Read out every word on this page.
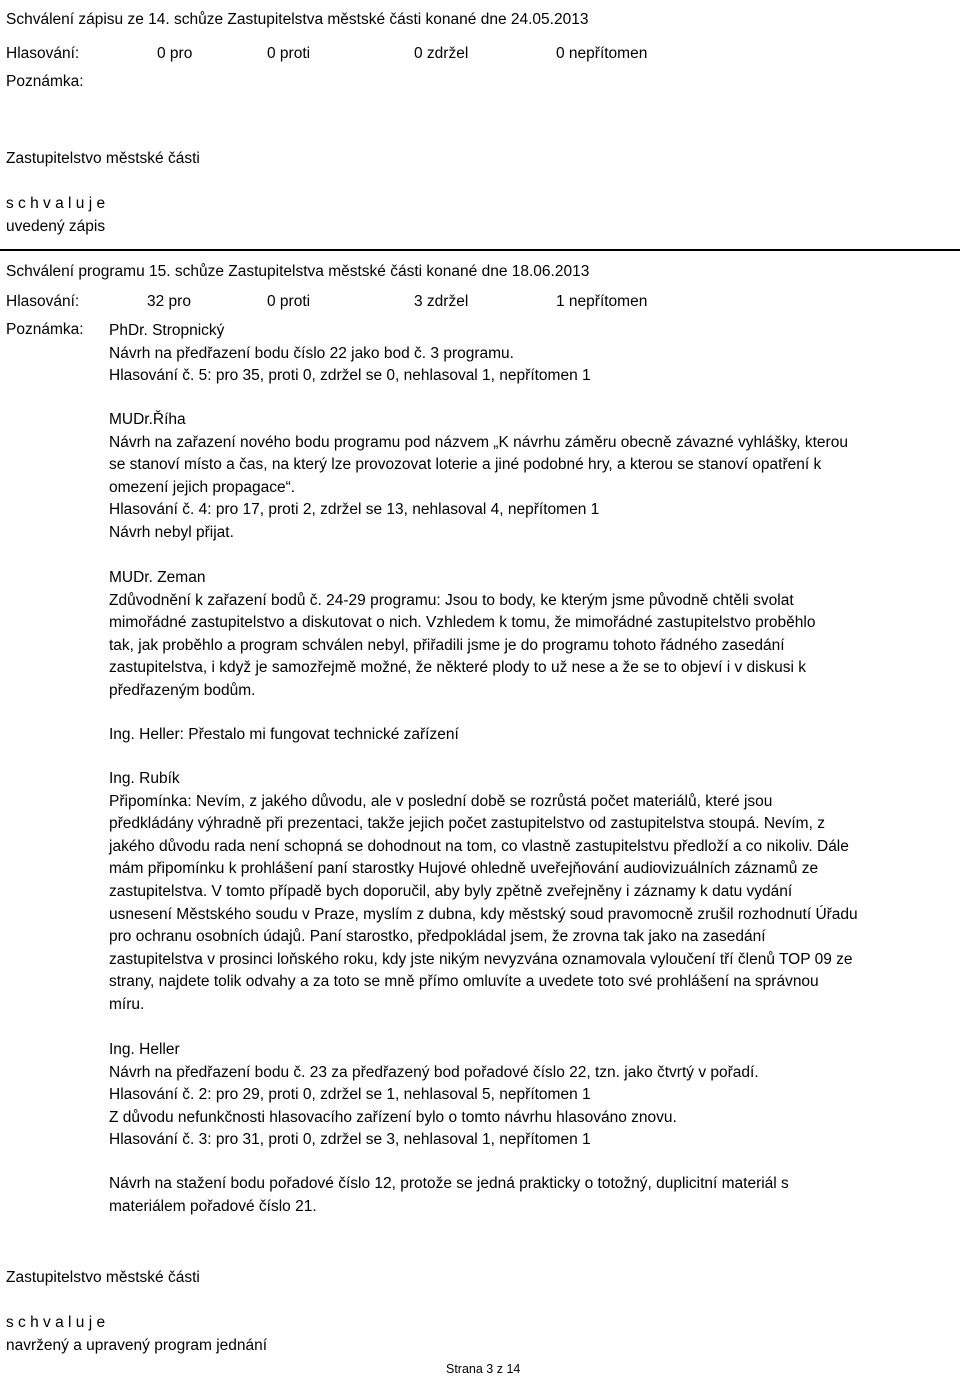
Schválení zápisu ze 14. schůze Zastupitelstva městské části konané dne 24.05.2013
Hlasování:	0 pro	0 proti	0 zdržel	0 nepřítomen
Poznámka:
Zastupitelstvo městské části
s c h v a l u j e
uvedený zápis
Schválení programu 15. schůze Zastupitelstva městské části konané dne 18.06.2013
Hlasování:	32 pro	0 proti	3 zdržel	1 nepřítomen
Poznámka: PhDr. Stropnický
Návrh na předřazení bodu číslo 22 jako bod č. 3 programu.
Hlasování č. 5: pro 35, proti 0, zdržel se 0, nehlasoval 1, nepřítomen 1
MUDr.Říha
Návrh na zařazení nového bodu programu pod názvem „K návrhu záměru obecně závazné vyhlášky, kterou
se stanoví místo a čas, na který lze provozovat loterie a jiné podobné hry, a kterou se stanoví opatření k
omezení jejich propagace“.
Hlasování č. 4: pro 17, proti 2, zdržel se 13, nehlasoval 4, nepřítomen 1
Návrh nebyl přijat.
MUDr. Zeman
Zdůvodnění k zařazení bodů č. 24-29 programu: Jsou to body, ke kterým jsme původně chtěli svolat
mimořádné zastupitelstvo a diskutovat o nich. Vzhledem k tomu, že mimořádné zastupitelstvo proběhlo
tak, jak proběhlo a program schválen nebyl, přiřadili jsme je do programu tohoto řádného zasedání
zastupitelstva, i když je samozřejmě možné, že některé plody to už nese a že se to objeví i v diskusi k
předřazeným bodům.
Ing. Heller: Přestalo mi fungovat technické zařízení
Ing. Rubík
Připomínka: Nevím, z jakého důvodu, ale v poslední době se rozrůstá počet materiálů, které jsou
předkládány výhradně při prezentaci, takže jejich počet zastupitelstvo od zastupitelstva stoupá. Nevím, z
jakého důvodu rada není schopná se dohodnout na tom, co vlastně zastupitelstvu předloží a co nikoliv. Dále
mám připomínku k prohlášení paní starostky Hujové ohledně uveřejňování audiovizuálních záznamů ze
zastupitelstva. V tomto případě bych doporučil, aby byly zpětně zveřejněny i záznamy k datu vydání
usnesení Městského soudu v Praze, myslím z dubna, kdy městský soud pravomocně zrušil rozhodnutí Úřadu
pro ochranu osobních údajů. Paní starostko, předpokládal jsem, že zrovna tak jako na zasedání
zastupitelstva v prosinci loňského roku, kdy jste nikým nevyzvána oznamovala vyloučení tří členů TOP 09 ze
strany, najdete tolik odvahy a za toto se mně přímo omluvíte a uvedete toto své prohlášení na správnou
míru.
Ing. Heller
Návrh na předřazení bodu č. 23 za předřazený bod pořadové číslo 22, tzn. jako čtvrtý v pořadí.
Hlasování č. 2: pro 29, proti 0, zdržel se 1, nehlasoval 5, nepřítomen 1
Z důvodu nefunkčnosti hlasovacího zařízení bylo o tomto návrhu hlasováno znovu.
Hlasování č. 3: pro 31, proti 0, zdržel se 3, nehlasoval 1, nepřítomen 1
Návrh na stažení bodu pořadové číslo 12, protože se jedná prakticky o totožný, duplicitní materiál s
materiálem pořadové číslo 21.
Zastupitelstvo městské části
s c h v a l u j e
navržený a upravený program jednání
Strana 3 z 14
